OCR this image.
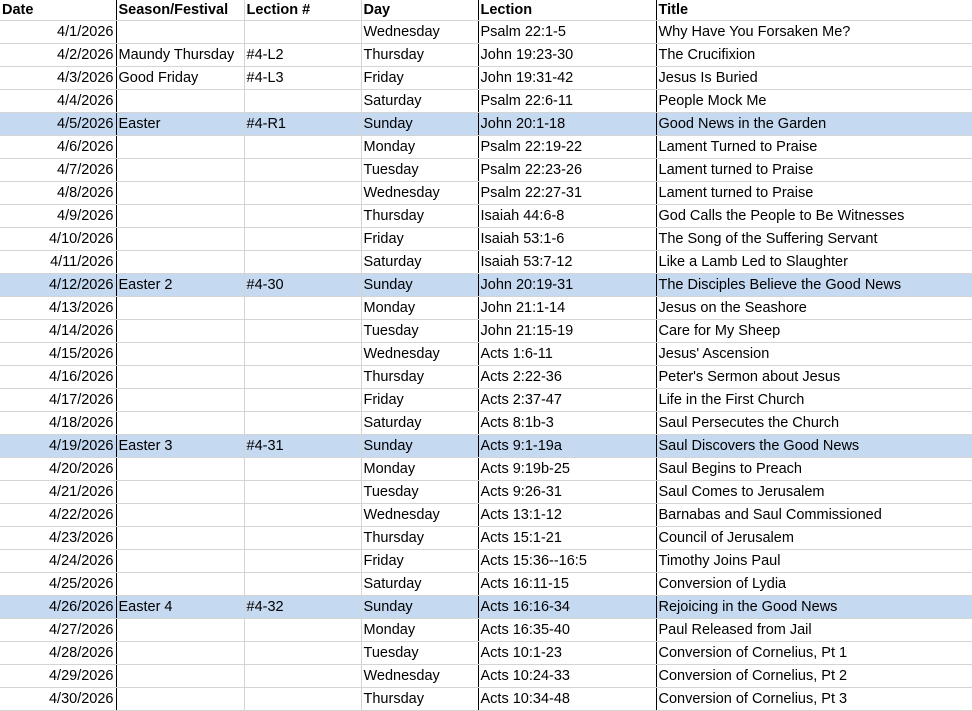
Date	Season/Festival	Lection #	Day	Lection	Title
4/1/2026			Wednesday	Psalm 22:1-5	Why Have You Forsaken Me?
4/2/2026	Maundy Thursday	#4-L2	Thursday	John 19:23-30	The Crucifixion
4/3/2026	Good Friday	#4-L3	Friday	John 19:31-42	Jesus Is Buried
4/4/2026			Saturday	Psalm 22:6-11	People Mock Me
4/5/2026	Easter	#4-R1	Sunday	John 20:1-18	Good News in the Garden
4/6/2026			Monday	Psalm 22:19-22	Lament Turned to Praise
4/7/2026			Tuesday	Psalm 22:23-26	Lament turned to Praise
4/8/2026			Wednesday	Psalm 22:27-31	Lament turned to Praise
4/9/2026			Thursday	Isaiah 44:6-8	God Calls the People to Be Witnesses
4/10/2026			Friday	Isaiah 53:1-6	The Song of the Suffering Servant
4/11/2026			Saturday	Isaiah 53:7-12	Like a Lamb Led to Slaughter
4/12/2026	Easter 2	#4-30	Sunday	John 20:19-31	The Disciples Believe the Good News
4/13/2026			Monday	John 21:1-14	Jesus on the Seashore
4/14/2026			Tuesday	John 21:15-19	Care for My Sheep
4/15/2026			Wednesday	Acts 1:6-11	Jesus' Ascension
4/16/2026			Thursday	Acts 2:22-36	Peter's Sermon about Jesus
4/17/2026			Friday	Acts 2:37-47	Life in the First Church
4/18/2026			Saturday	Acts 8:1b-3	Saul Persecutes the Church
4/19/2026	Easter 3	#4-31	Sunday	Acts 9:1-19a	Saul Discovers the Good News
4/20/2026			Monday	Acts 9:19b-25	Saul Begins to Preach
4/21/2026			Tuesday	Acts 9:26-31	Saul Comes to Jerusalem
4/22/2026			Wednesday	Acts 13:1-12	Barnabas and Saul Commissioned
4/23/2026			Thursday	Acts 15:1-21	Council of Jerusalem
4/24/2026			Friday	Acts 15:36--16:5	Timothy Joins Paul
4/25/2026			Saturday	Acts 16:11-15	Conversion of Lydia
4/26/2026	Easter 4	#4-32	Sunday	Acts 16:16-34	Rejoicing in the Good News
4/27/2026			Monday	Acts 16:35-40	Paul Released from Jail
4/28/2026			Tuesday	Acts 10:1-23	Conversion of Cornelius, Pt 1
4/29/2026			Wednesday	Acts 10:24-33	Conversion of Cornelius, Pt 2
4/30/2026			Thursday	Acts 10:34-48	Conversion of Cornelius, Pt 3
